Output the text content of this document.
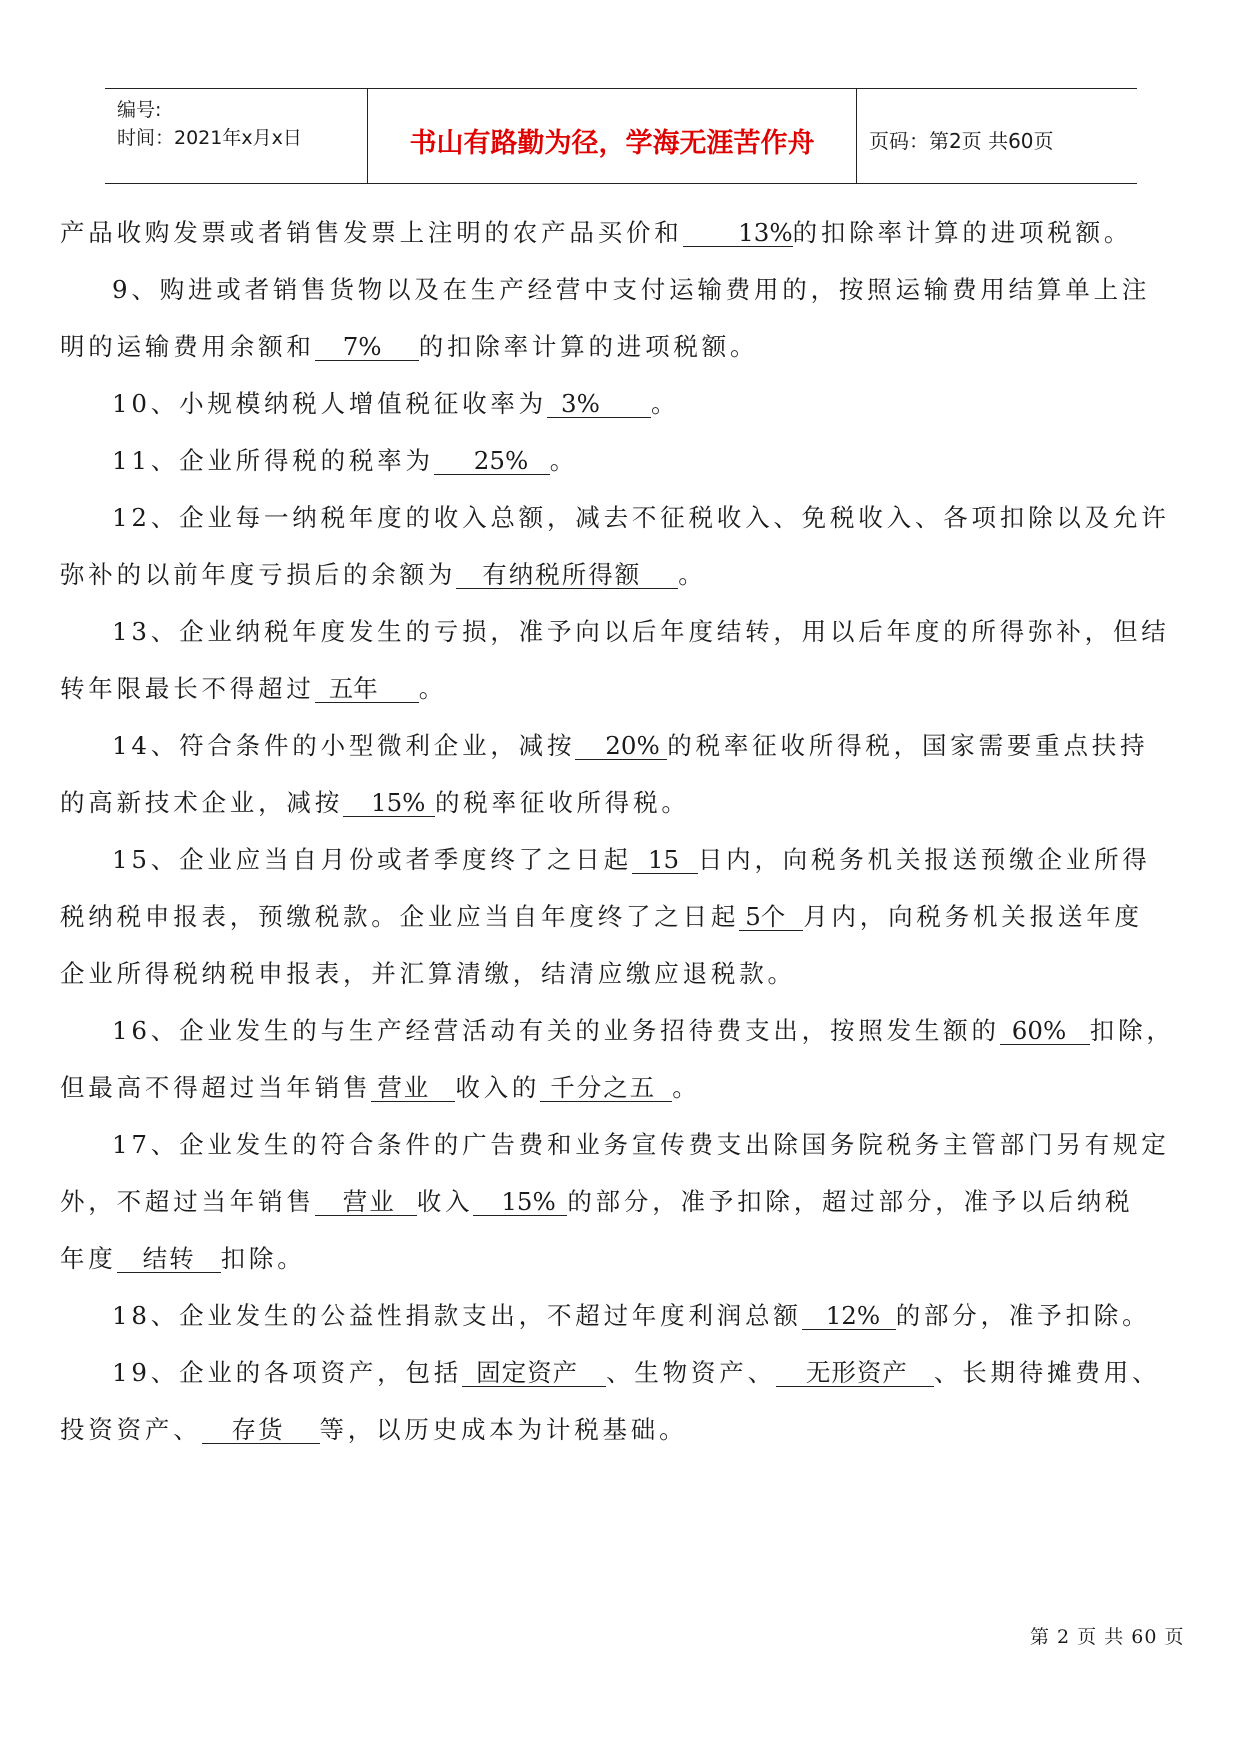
编号:
时间：2021年x月x日	书山有路勤为径，学海无涯苦作舟	页码：第2页 共60页
产品收购发票或者销售发票上注明的农产品买价和 13%的扣除率计算的进项税额。
9、购进或者销售货物以及在生产经营中支付运输费用的，按照运输费用结算单上注
明的运输费用余额和 7% 的扣除率计算的进项税额。
10、小规模纳税人增值税征收率为 3% 。
11、企业所得税的税率为 25% 。
12、企业每一纳税年度的收入总额，减去不征税收入、免税收入、各项扣除以及允许
弥补的以前年度亏损后的余额为 有纳税所得额 。
13、企业纳税年度发生的亏损，准予向以后年度结转，用以后年度的所得弥补，但结
转年限最长不得超过 五年 。
14、符合条件的小型微利企业，减按 20% 的税率征收所得税，国家需要重点扶持
的高新技术企业，减按 15% 的税率征收所得税。
15、企业应当自月份或者季度终了之日起 15 日内，向税务机关报送预缴企业所得
税纳税申报表，预缴税款。企业应当自年度终了之日起 5个 月内，向税务机关报送年度
企业所得税纳税申报表，并汇算清缴，结清应缴应退税款。
16、企业发生的与生产经营活动有关的业务招待费支出，按照发生额的 60% 扣除，
但最高不得超过当年销售 营业 收入的 千分之五 。
17、企业发生的符合条件的广告费和业务宣传费支出除国务院税务主管部门另有规定
外，不超过当年销售 营业 收入 15% 的部分，准予扣除，超过部分，准予以后纳税
年度 结转 扣除。
18、企业发生的公益性捐款支出，不超过年度利润总额 12% 的部分，准予扣除。
19、企业的各项资产，包括 固定资产 、生物资产、 无形资产 、长期待摊费用、
投资资产、 存货 等，以历史成本为计税基础。
第 2 页 共 60 页
